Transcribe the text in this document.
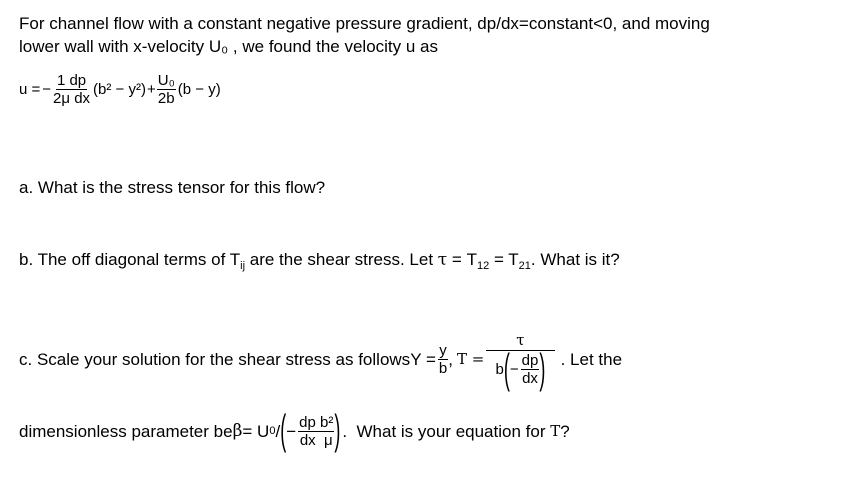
For channel flow with a constant negative pressure gradient, dp/dx=constant<0, and moving
lower wall with x-velocity U₀ , we found the velocity u as
u = − $\frac{1 dp}{\text{2μ dx}} (b^2 - y^2) + \frac{\text{U₀}}{2b} (b - y)$
a. What is the stress tensor for this flow?
b. The off diagonal terms of $T_{ij}$ are the shear stress. Let $\tau = T_{12} = T_{21}$. What is it?
c. Scale your solution for the shear stress as follows $Y = \frac{y}{b}$ , T =
τ
b ( − $\frac{dp}{dx}$ ) . Let the
dimensionless parameter be β = U 0 / ( − $\frac{\text{dp b²}}{\text{dx  μ}}$ ) .  What is your equation for T ?
